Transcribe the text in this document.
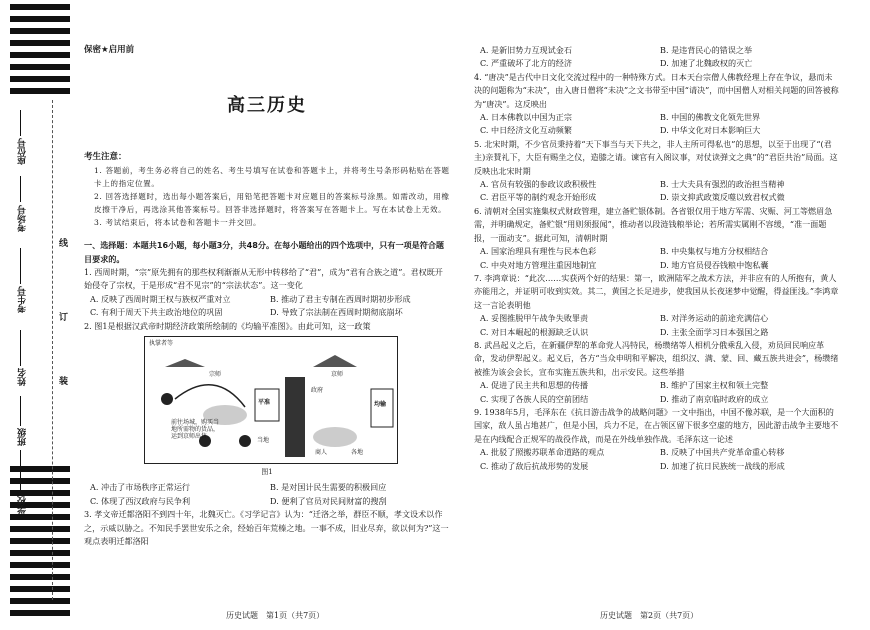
座位号
考场号
考生号
姓名
班级
学校
线
订
装
保密★启用前
高三历史
考生注意：
1. 答题前，考生务必将自己的姓名、考生号填写在试卷和答题卡上，并将考生号条形码粘贴在答题卡上的指定位置。
2. 回答选择题时，选出每小题答案后，用铅笔把答题卡对应题目的答案标号涂黑。如需改动，用橡皮擦干净后，再选涂其他答案标号。回答非选择题时，将答案写在答题卡上。写在本试卷上无效。
3. 考试结束后，将本试卷和答题卡一并交回。
一、选择题：本题共16小题，每小题3分，共48分。在每小题给出的四个选项中，只有一项是符合题目要求的。
1. 西周时期，“宗”原先拥有的那些权利渐渐从无形中转移给了“君”，成为“君有合族之道”。君权既开始侵夺了宗权，于是形成“君不见宗”的“宗法状态”。这一变化
A. 反映了西周时期王权与族权严重对立	B. 推动了君主专制在西周时期初步形成
C. 有利于周天下共主政治地位的巩固	D. 导致了宗法制在西周时期彻底崩坏
2. 图1是根据汉武帝时期经济政策所绘制的《均输平准图》。由此可知，这一政策
执掌者等
宗师
前往场城，购买当地所需物的货品，运到京师出售，
当地
平准	均输
京师
政府
商人	各地
图1
A. 冲击了市场秩序正常运行	B. 是对国计民生需要的积极回应
C. 体现了西汉政府与民争利	D. 便利了官员对民间财富的搜刮
3. 孝文帝迁都洛阳不到四十年，北魏灭亡。《习学记言》认为：“迁洛之举，群臣不顺，孝文设术以作之，示威以胁之。不知民手罢世安乐之余，经始百年荒榛之地。一事不成，旧业尽弃，欲以何为?”这一观点表明迁都洛阳
A. 是新旧势力互现试金石	B. 是违背民心的错误之举
C. 严重破坏了北方的经济	D. 加速了北魏政权的灭亡
4. “唐决”是古代中日文化交流过程中的一种特殊方式。日本天台宗僧人佛教经理上存在争议，悬而未决的问题称为“未决”，由入唐日僧将“未决”之文书带至中国“请决”，而中国僧人对相关问题的回答被称为“唐决”。这反映出
A. 日本佛教以中国为正宗	B. 中国的佛教文化领先世界
C. 中日经济文化互动频繁	D. 中华文化对日本影响巨大
5. 北宋时期，不少官员秉持着“天下事当与天下共之，非人主所可得私也”的思想，以至于出现了“(君主)亲賛礼下，大臣有赐坐之仪，造膝之请。谏官有入阁议事，对仗读弹文之典”的“君臣共治”局面。这反映出北宋时期
A. 官员有较强的参政议政积极性	B. 士大夫具有强烈的政治担当精神
C. 君臣平等的制约观念开始形成	D. 崇文抑武政策反噬以致君权式微
6. 清朝对全国实施集权式财政管理，建立备贮银体制。各省银仅用于地方军需、灾赈、河工等燃眉急需，并明确规定，备贮银“用则须报闻”，推动者以段涟钱粮举论；若所需实属刚不容缓，“准一面题报，一面动支”。据此可知，清朝时期
A. 国家治理具有理性与民本色彩	B. 中央集权与地方分权相结合
C. 中央对地方管理注重因地制宜	D. 地方官员侵吞钱粮中饱私囊
7. 李鸿章说：“此次……实获两个好的结果：第一，欧洲陆军之战术方法，并非应有的人所抱有，黄人亦能用之，并证明可收到实效。其二，黄国之长足进步，使我国从长夜迷梦中觉醒，得益匪浅。”李鸿章这一言论表明他
A. 妥图推脱甲午战争失败罪责	B. 对洋务运动的前途充满信心
C. 对日本崛起的根源缺乏认识	D. 主张全面学习日本强国之路
8. 武昌起义之后，在新疆伊犁的革命党人冯特民，杨缵绪等人相机分俄乘乱入侵，劝员回民响应革命，发动伊犁起义。起义后，各方“当众申明和平解决，组织汉、满、蒙、回、藏五族共进会”，杨缵绪被推为该会会长，宣布实施五族共和，出示安民。这些举措
A. 促进了民主共和思想的传播	B. 维护了国家主权和领土完整
C. 实现了各族人民的空前团结	D. 推动了南京临时政府的成立
9. 1938年5月，毛泽东在《抗日游击战争的战略问题》一文中指出，中国不像苏联，是一个大面积的国家，敌人虽占地甚广，但是小国，兵力不足，在占领区留下很多空虚的地方，因此游击战争主要地不是在内线配合正规军的战役作战，而是在外线单独作战。毛泽东这一论述
A. 批驳了照搬苏联革命道路的观点	B. 反映了中国共产党革命重心转移
C. 推动了敌后抗战形势的发展	D. 加速了抗日民族统一战线的形成
历史试题　第1页（共7页）	历史试题　第2页（共7页）
